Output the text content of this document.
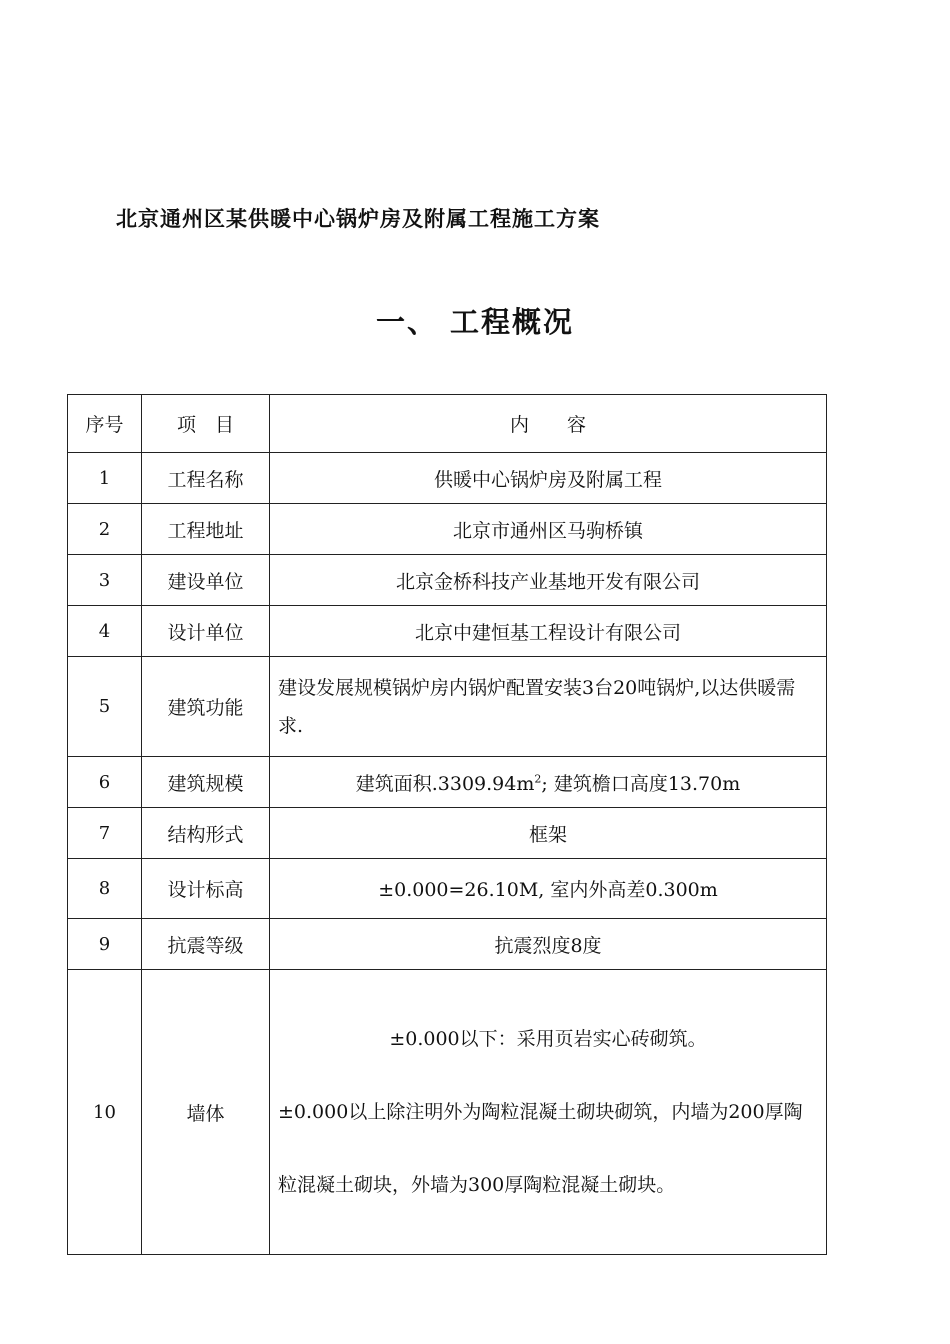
北京通州区某供暖中心锅炉房及附属工程施工方案
一、 工程概况
序号	项　目	内　　容
1	工程名称	供暖中心锅炉房及附属工程
2	工程地址	北京市通州区马驹桥镇
3	建设单位	北京金桥科技产业基地开发有限公司
4	设计单位	北京中建恒基工程设计有限公司
5	建筑功能	建设发展规模锅炉房内锅炉配置安装3台20吨锅炉,以达供暖需求.
6	建筑规模	建筑面积$.3309.94m^2$; 建筑檐口高度13.70m
7	结构形式	框架
8	设计标高	±0.000=26.10M, 室内外高差0.300m
9	抗震等级	抗震烈度8度
10	墙体	±0.000以下：采用页岩实心砖砌筑。
±0.000以上除注明外为陶粒混凝土砌块砌筑，内墙为200厚陶粒混凝土砌块，外墙为300厚陶粒混凝土砌块。
